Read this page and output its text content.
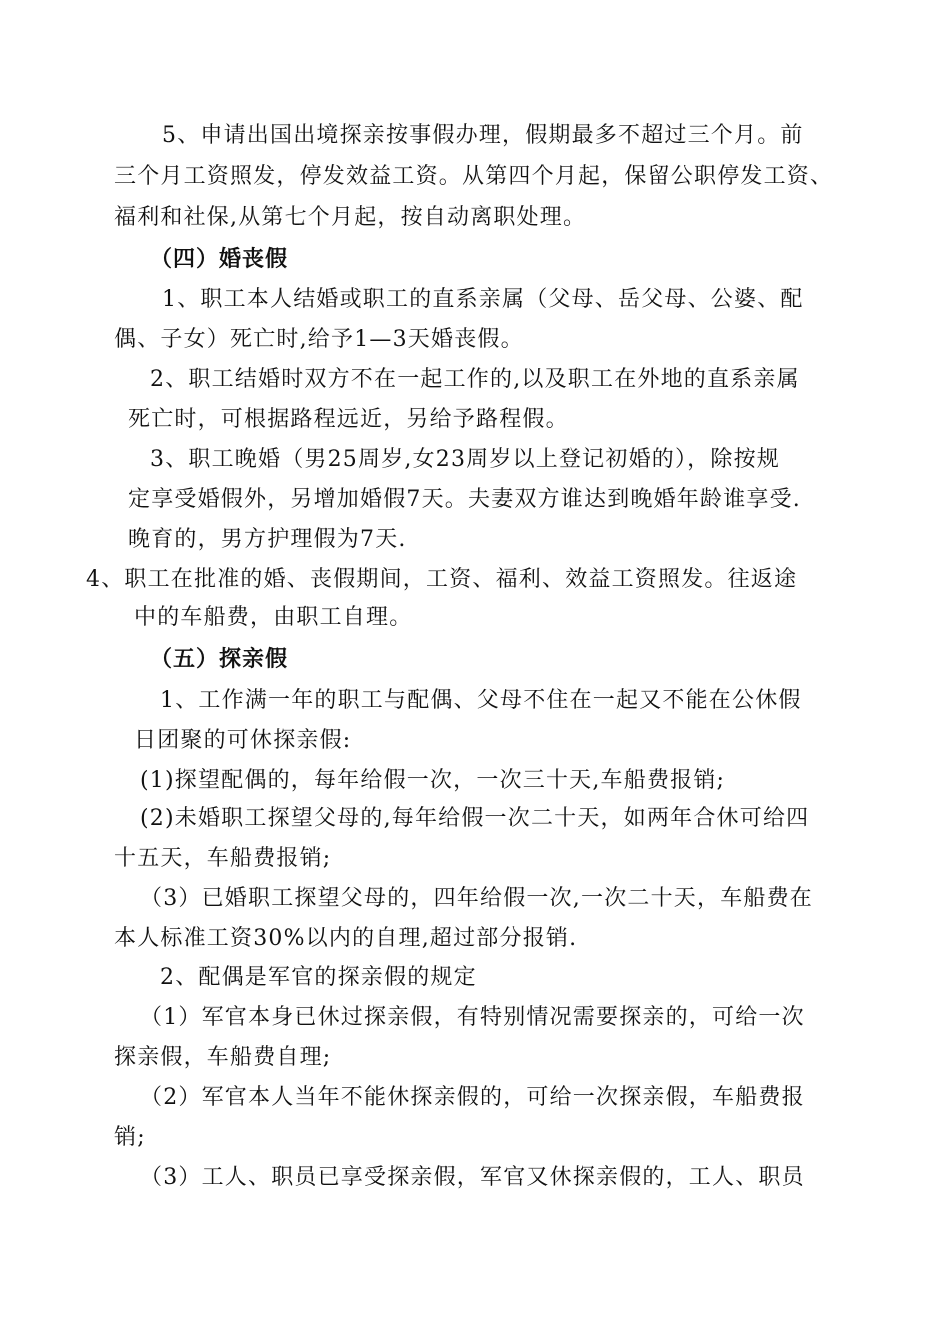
5、申请出国出境探亲按事假办理，假期最多不超过三个月。前
三个月工资照发，停发效益工资。从第四个月起，保留公职停发工资、
福利和社保,从第七个月起，按自动离职处理。
（四）婚丧假
1、职工本人结婚或职工的直系亲属（父母、岳父母、公婆、配
偶、子女）死亡时,给予1—3天婚丧假。
2、职工结婚时双方不在一起工作的,以及职工在外地的直系亲属
死亡时，可根据路程远近，另给予路程假。
3、职工晚婚（男25周岁,女23周岁以上登记初婚的），除按规
定享受婚假外，另增加婚假7天。夫妻双方谁达到晚婚年龄谁享受.
晚育的，男方护理假为7天.
4、职工在批准的婚、丧假期间，工资、福利、效益工资照发。往返途
中的车船费，由职工自理。
（五）探亲假
1、工作满一年的职工与配偶、父母不住在一起又不能在公休假
日团聚的可休探亲假:
(1)探望配偶的，每年给假一次，一次三十天,车船费报销;
(2)未婚职工探望父母的,每年给假一次二十天，如两年合休可给四
十五天，车船费报销;
（3）已婚职工探望父母的，四年给假一次,一次二十天，车船费在
本人标准工资30%以内的自理,超过部分报销.
2、配偶是军官的探亲假的规定
（1）军官本身已休过探亲假，有特别情况需要探亲的，可给一次
探亲假，车船费自理;
（2）军官本人当年不能休探亲假的，可给一次探亲假，车船费报
销;
（3）工人、职员已享受探亲假，军官又休探亲假的，工人、职员
